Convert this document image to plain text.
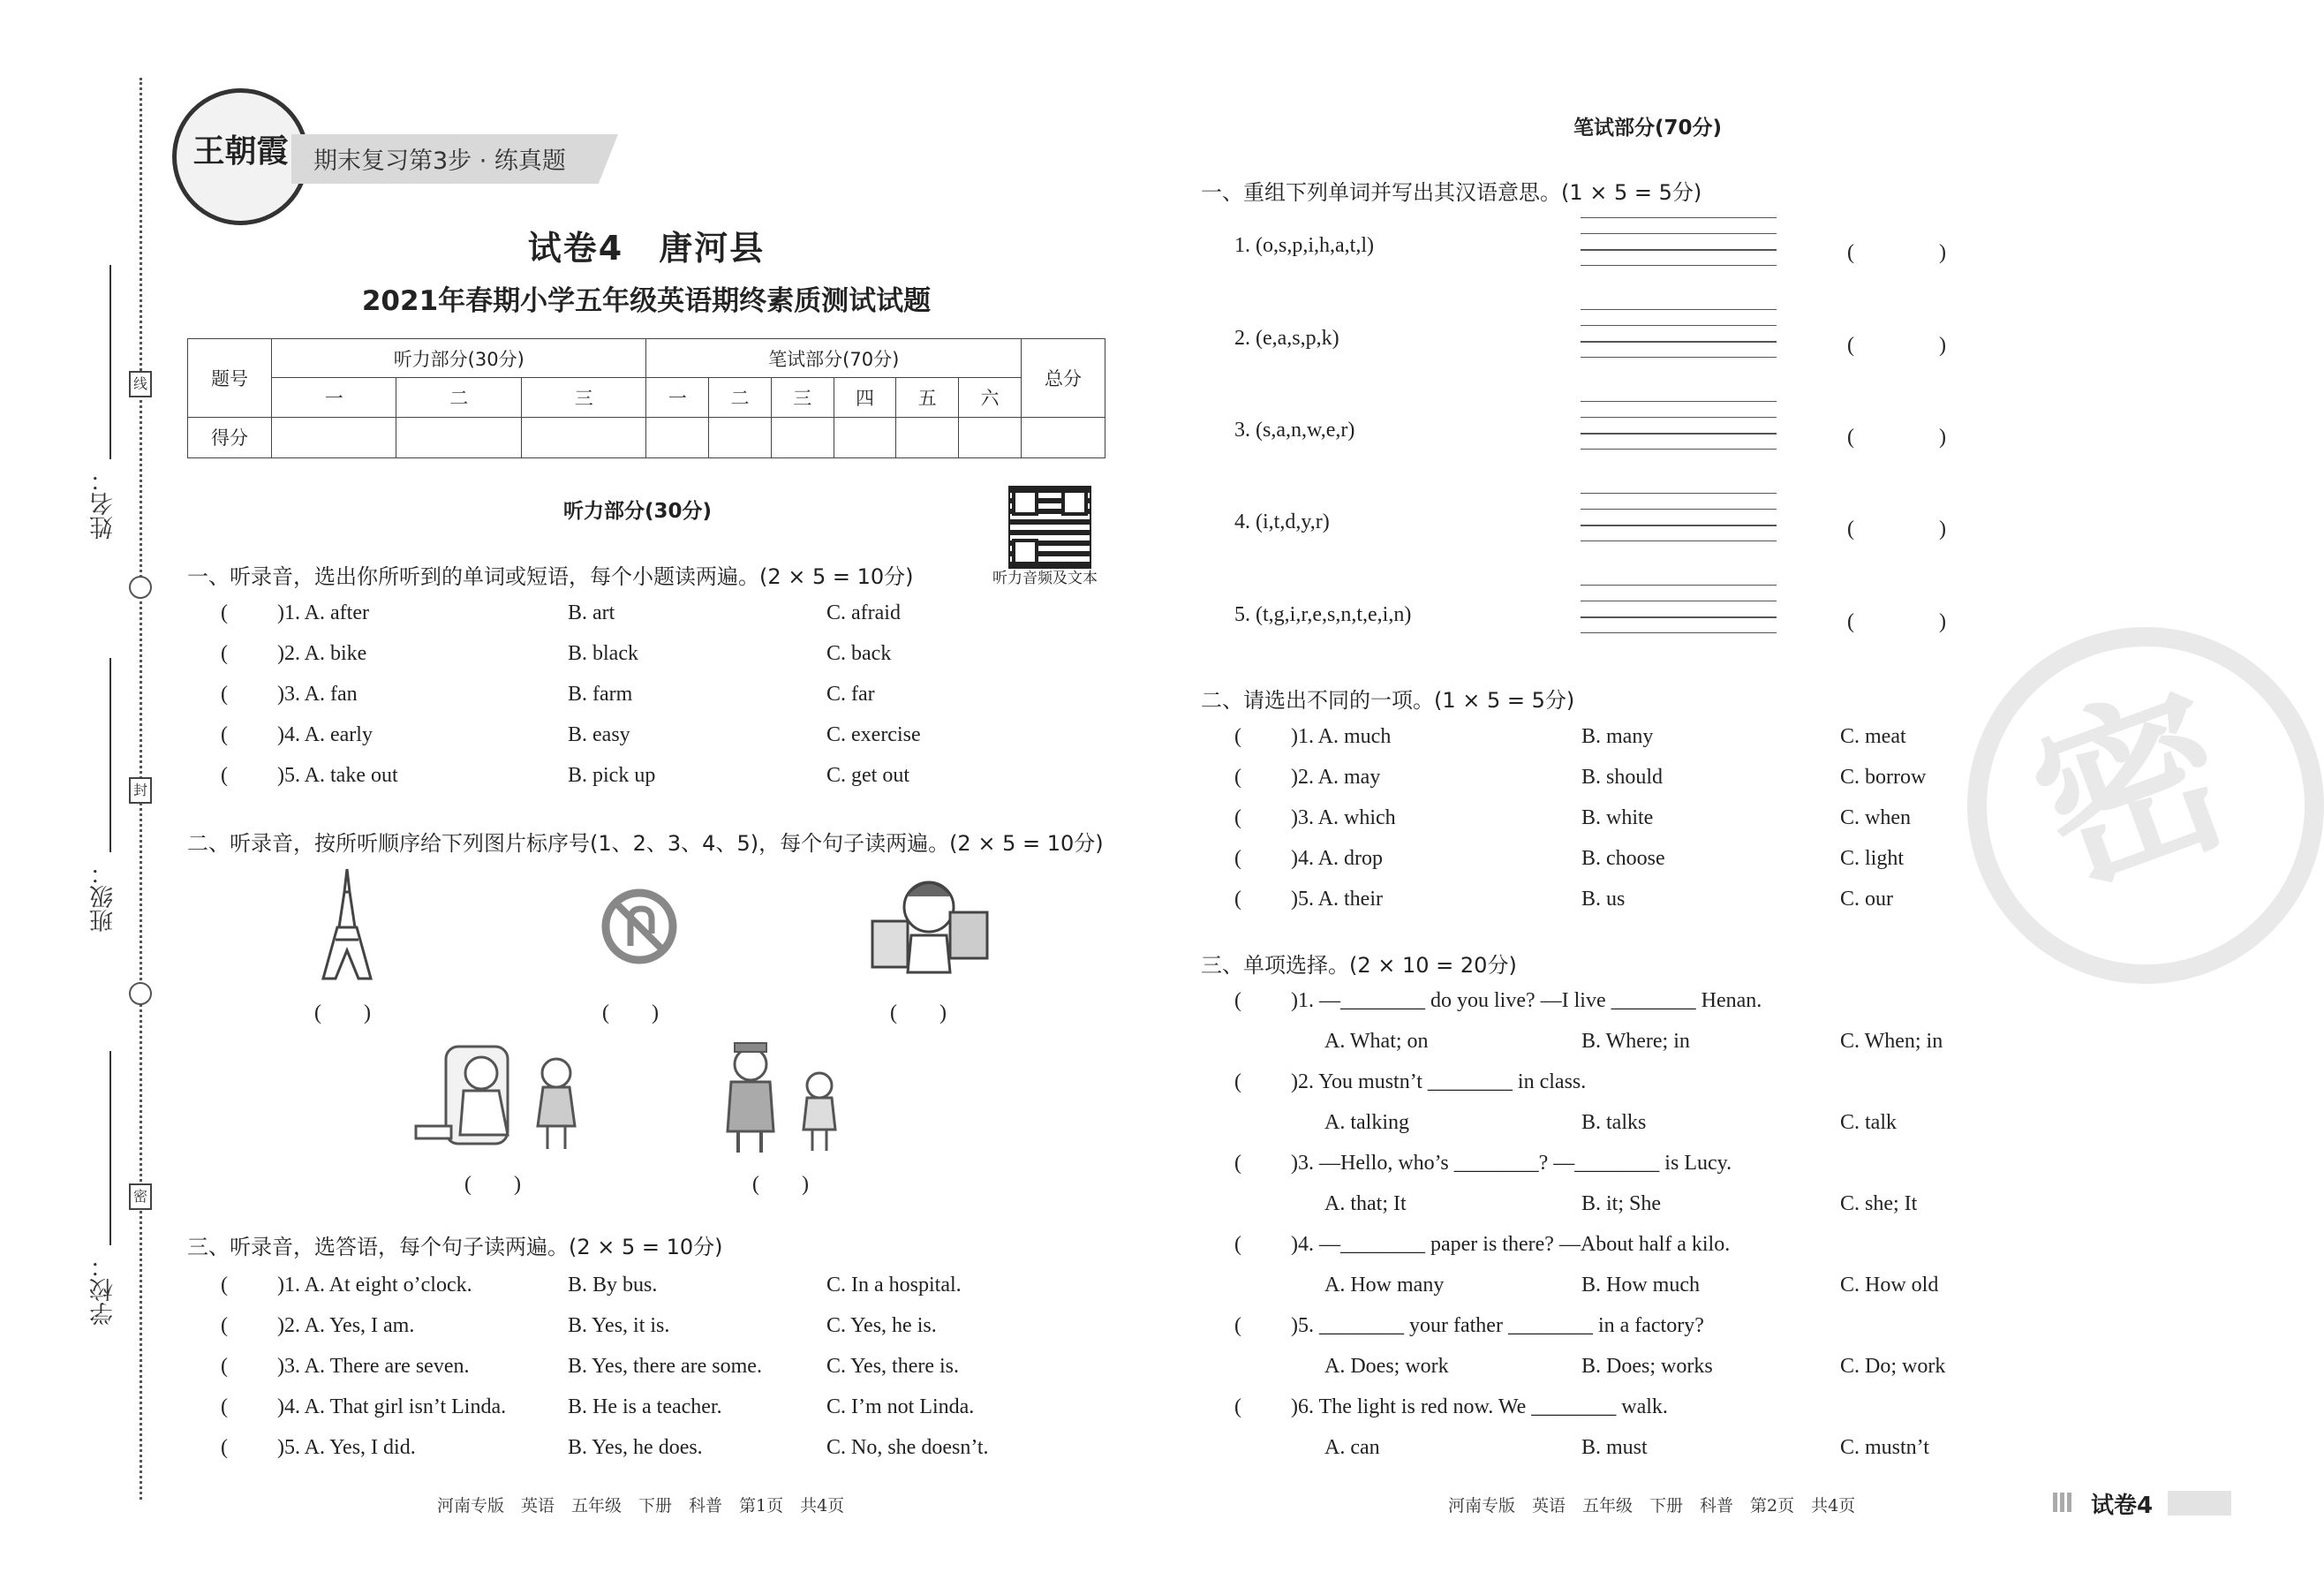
姓名：
班级：
学校：
线
封
密
王朝霞	期末复习第3步 · 练真题
试卷4　唐河县
2021年春期小学五年级英语期终素质测试试题
题号	听力部分(30分)			笔试部分(70分)						总分
	一	二	三	一	二	三	四	五	六	
得分										
听力部分(30分)
听力音频及文本
一、听录音，选出你所听到的单词或短语，每个小题读两遍。(2 × 5 = 10分)
( )1. A. after	B. art	C. afraid
( )2. A. bike	B. black	C. back
( )3. A. fan	B. farm	C. far
( )4. A. early	B. easy	C. exercise
( )5. A. take out	B. pick up	C. get out
二、听录音，按所听顺序给下列图片标序号(1、2、3、4、5)，每个句子读两遍。(2 × 5 = 10分)
(　　)	(　　)	(　　)
(　　)	(　　)
三、听录音，选答语，每个句子读两遍。(2 × 5 = 10分)
( )1. A. At eight o’clock.	B. By bus.	C. In a hospital.
( )2. A. Yes, I am.	B. Yes, it is.	C. Yes, he is.
( )3. A. There are seven.	B. Yes, there are some.	C. Yes, there is.
( )4. A. That girl isn’t Linda.	B. He is a teacher.	C. I’m not Linda.
( )5. A. Yes, I did.	B. Yes, he does.	C. No, she doesn’t.
河南专版　英语　五年级　下册　科普　第1页　共4页
密
笔试部分(70分)
一、重组下列单词并写出其汉语意思。(1 × 5 = 5分)
1. (o,s,p,i,h,a,t,l)	(　　　　)
2. (e,a,s,p,k)	(　　　　)
3. (s,a,n,w,e,r)	(　　　　)
4. (i,t,d,y,r)	(　　　　)
5. (t,g,i,r,e,s,n,t,e,i,n)	(　　　　)
二、请选出不同的一项。(1 × 5 = 5分)
( )1. A. much	B. many	C. meat
( )2. A. may	B. should	C. borrow
( )3. A. which	B. white	C. when
( )4. A. drop	B. choose	C. light
( )5. A. their	B. us	C. our
三、单项选择。(2 × 10 = 20分)
( )1. —________ do you live? —I live ________ Henan.
A. What; on	B. Where; in	C. When; in
( )2. You mustn’t ________ in class.
A. talking	B. talks	C. talk
( )3. —Hello, who’s ________? —________ is Lucy.
A. that; It	B. it; She	C. she; It
( )4. —________ paper is there? —About half a kilo.
A. How many	B. How much	C. How old
( )5. ________ your father ________ in a factory?
A. Does; work	B. Does; works	C. Do; work
( )6. The light is red now. We ________ walk.
A. can	B. must	C. mustn’t
河南专版　英语　五年级　下册　科普　第2页　共4页	试卷4
